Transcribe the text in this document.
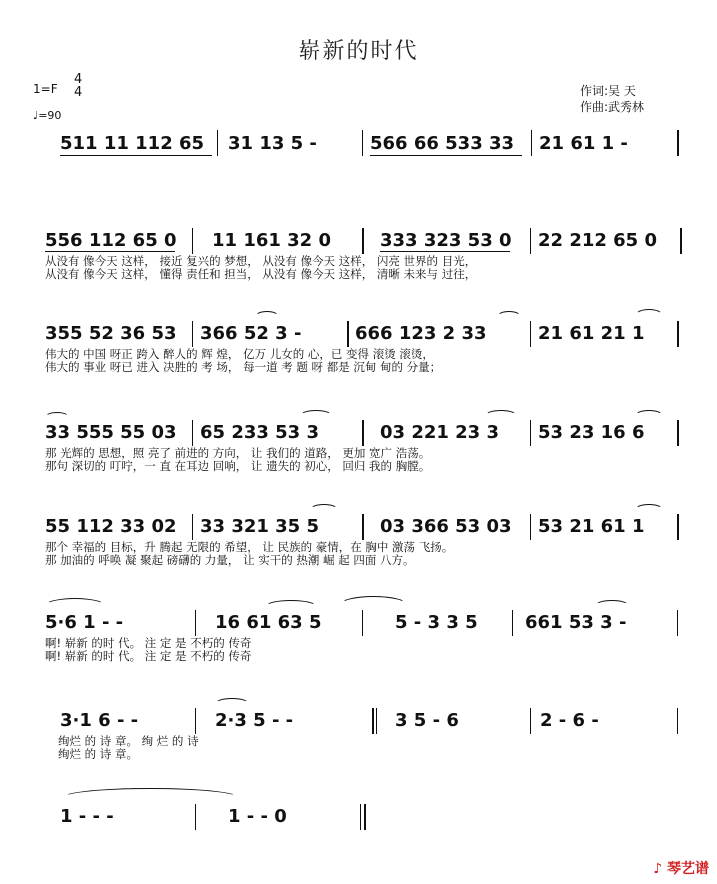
崭新的时代
1=F
4
4
♩=90
作词:吴 天
作曲:武秀林
511 11 112 65 31 13 5 -	566 66 533 33 21 61 1 -
556 112 65 0 11 161 32 0	333 323 53 0 22 212 65 0
从没有 像今天 这样， 接近 复兴的 梦想， 从没有 像今天 这样， 闪亮 世界的 目光，
从没有 像今天 这样， 懂得 责任和 担当， 从没有 像今天 这样， 清晰 未来与 过往，
355 52 36 53 366 52 3 -	666 123 2 33	21 61 21 1
伟大的 中国 呀正 跨入 醉人的 辉 煌， 亿万 儿女的 心，已 变得 滚烫 滚烫，
伟大的 事业 呀已 进入 决胜的 考 场， 每一道 考 题 呀 都是 沉甸 甸的 分量；
33 555 55 03 65 233 53 3	03 221 23 3 53 23 16 6
那 光辉的 思想，照 亮了 前进的 方向， 让 我们的 道路， 更加 宽广 浩荡。
那句 深切的 叮咛，一 直 在耳边 回响， 让 遗失的 初心， 回归 我的 胸膛。
55 112 33 02 33 321 35 5	03 366 53 03 53 21 61 1
那个 幸福的 目标，升 腾起 无限的 希望， 让 民族的 豪情，在 胸中 激荡 飞扬。
那 加油的 呼唤 凝 聚起 磅礴的 力量， 让 实干的 热潮 崛 起 四面 八方。
5·6 1 - -	16 61 63 5	5 - 3 3 5	661 53 3 -
啊! 崭新 的时 代。 注 定 是 不朽的 传奇
啊! 崭新 的时 代。 注 定 是 不朽的 传奇
3·1 6 - -	2·3 5 - -	3 5 - 6	2 - 6 -
绚烂 的 诗 章。 绚 烂 的 诗
绚烂 的 诗 章。
1 - - -	1 - - 0
♪ 琴艺谱
